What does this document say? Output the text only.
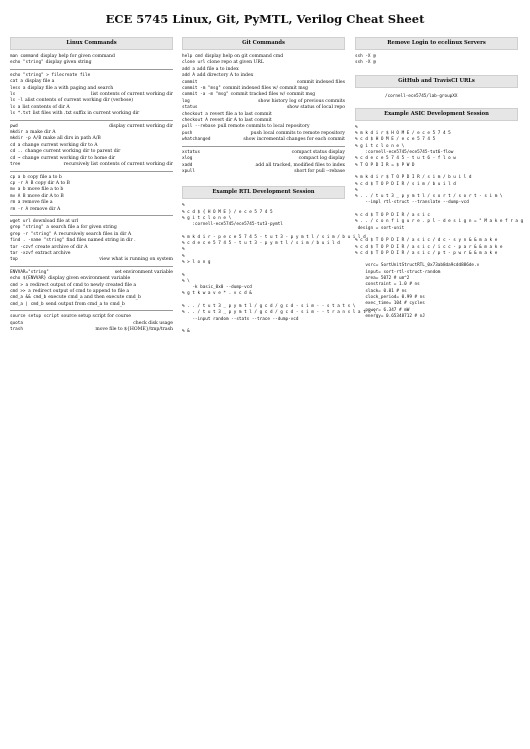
ECE 5745 Linux, Git, PyMTL, Verilog Cheat Sheet
Linux Commands
man command display help for given command
echo "string" display given string
echo "string" > filecreate file
cat a display file a
less a display file a with paging and search
ls	list contents of current working dir
ls -l alist contents of current working dir (verbose)
ls a list contents of dir A
ls *.txt list files with .txt suffix in current working dir
pwd	display current working dir
mkdir a make dir A
mkdir -p A/B make all dirs in path A/B
cd a change current working dir to A
cd .. change current working dir to parent dir
cd ~ change current working dir to home dir
tree	recursively list contents of current working dir
cp a b copy file a to b
cp -r A B copy dir A to B
mv a b move file a to b
mv A B move dir A to B
rm a remove file a
rm -r A remove dir A
wget url download file at url
grep "string" a search file a for given string
grep -r "string" A recursively search files in dir A
find . -name "string" find files named string in dir .
tar -czvf create archive of dir A
tar -xzvf extract archive
top	view what is running on system
ENVVAR="string"	set environment variable
echo ${ENVVAR} display given environment variable
cmd > a redirect output of cmd to newly created file a
cmd >> a redirect output of cmd to append to file a
cmd_a && cmd_b execute cmd_a and then execute cmd_b
cmd_a | cmd_b send output from cmd_a to cmd_b
source setup script source setup script for course
quota	check disk usage
trash	move file to ${HOME}/tmp/trash
Git Commands
help cmd display help on git command cmd
clone url clone repo at given URL
add a add file a to index
add A add directory A to index
commit	commit indexed files
commit -m "msg" commit indexed files w/ commit msg
commit -a -m "msg" commit tracked files w/ commit msg
log	show history log of previous commits
status	show status of local repo
checkout a revert file a to last commit
checkout A revert dir A to last commit
pull --rebase pull remote commits to local repository
push	push local commits to remote repository
whatchanged	show incremental changes for each commit
xstatus	compact status display
xlog	compact log display
xadd	add all tracked, modified files to index
xpull	short for pull --rebase
Example RTL Development Session
%
% c d $ { H O M E } / e c e 5 7 4 5
% g i t c l o n e \
:cornell-ece5745/ece5745-tut3-pymtl

% m k d i r - p e c e 5 7 4 5 - t u t 3 - p y m t l / s i m / b u i l d
% c d e c e 5 7 4 5 - t u t 3 - p y m t l / s i m / b u i l d
%
%
% > l o n g

%
% \
-k basic_0x0 --dump-vcd
% g t k w a v e * . v c d &

% . . / t u t 3 _ p y m t l / g c d / g c d - s i m - - s t a t s \
% . . / t u t 3 _ p y m t l / g c d / g c d - s i m - - t r a n s l a t e \
--input random --stats --trace --dump-vcd

% &
Remove Login to ecelinux Servers
ssh -X @
ssh -X @
GitHub and TravisCI URLs
/cornell-ece5745/lab-groupXX
Example ASIC Development Session
%
% m k d i r $ H O M E / e c e 5 7 4 5
% c d $ H O M E / e c e 5 7 4 5
% g i t c l o n e \
:cornell-ece5745/ece5745-tut6-flow
% c d e c e 5 7 4 5 - t u t 6 - f l o w
% T O P D I R = $ P W D

% m k d i r $ T O P D I R / s i m / b u i l d
% c d $ T O P D I R / s i m / b u i l d
%
% . . / t u t 3 _ p y m t l / s o r t / s o r t - s i m \
--impl rtl-struct --translate --dump-vcd

% c d $ T O P D I R / a s i c
% . . / c o n f i g u r e . p l - d e s i g n = " M a k e f r a g
design = sort-unit

% c d $ T O P D I R / a s i c / d c - s y n & & m a k e
% c d $ T O P D I R / a s i c / i c c - p a r & & m a k e
% c d $ T O P D I R / a s i c / p t - p w r & & m a k e

vsrc= SortUnitStructRTL_0x73ab8da9cdd886de.v
input= sort-rtl-struct-random
area= 5072 # um^2
constraint = 1.0 # ns
slack= 0.01 # ns
clock_period= 0.99 # ns
exec_time= 104 # cycles
power= 6.347 # mW
energy= 0.65348712 # nJ
